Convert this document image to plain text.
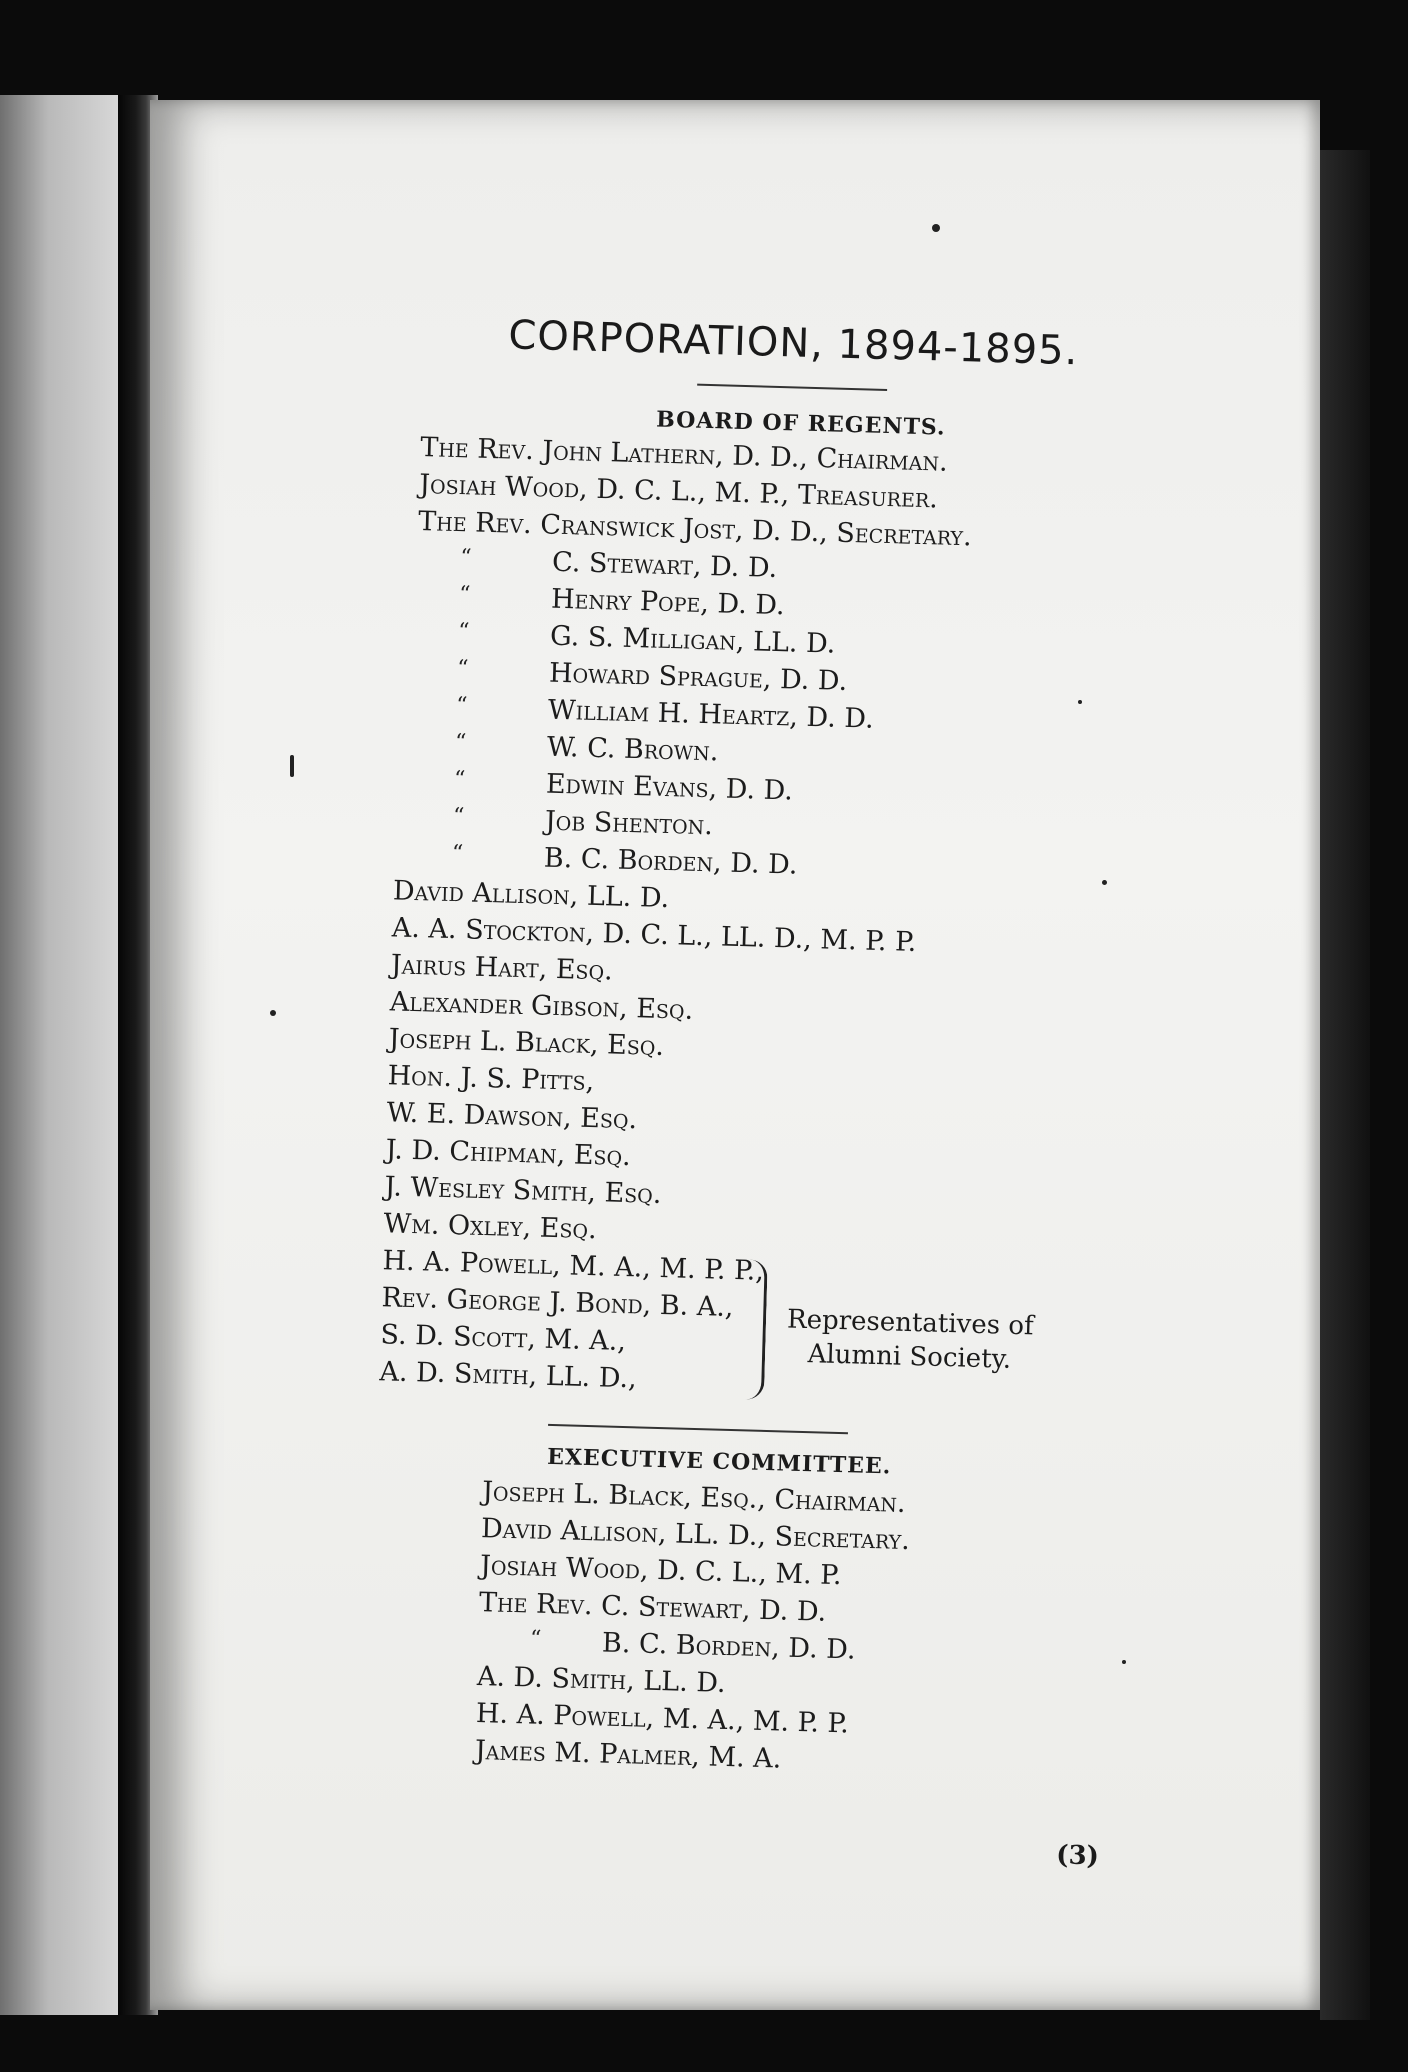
CORPORATION, 1894-1895.
BOARD OF REGENTS.
The Rev. John Lathern, D. D., Chairman.
Josiah Wood, D. C. L., M. P., Treasurer.
The Rev. Cranswick Jost, D. D., Secretary.
“	C. Stewart, D. D.
“	Henry Pope, D. D.
“	G. S. Milligan, LL. D.
“	Howard Sprague, D. D.
“	William H. Heartz, D. D.
“	W. C. Brown.
“	Edwin Evans, D. D.
“	Job Shenton.
“	B. C. Borden, D. D.
David Allison, LL. D.
A. A. Stockton, D. C. L., LL. D., M. P. P.
Jairus Hart, Esq.
Alexander Gibson, Esq.
Joseph L. Black, Esq.
Hon. J. S. Pitts,
W. E. Dawson, Esq.
J. D. Chipman, Esq.
J. Wesley Smith, Esq.
Wm. Oxley, Esq.
H. A. Powell, M. A., M. P. P.,
Rev. George J. Bond, B. A.,
S. D. Scott, M. A.,
A. D. Smith, LL. D.,
Representatives of
Alumni Society.
EXECUTIVE COMMITTEE.
Joseph L. Black, Esq., Chairman.
David Allison, LL. D., Secretary.
Josiah Wood, D. C. L., M. P.
The Rev. C. Stewart, D. D.
“ B. C. Borden, D. D.
A. D. Smith, LL. D.
H. A. Powell, M. A., M. P. P.
James M. Palmer, M. A.
(3)
